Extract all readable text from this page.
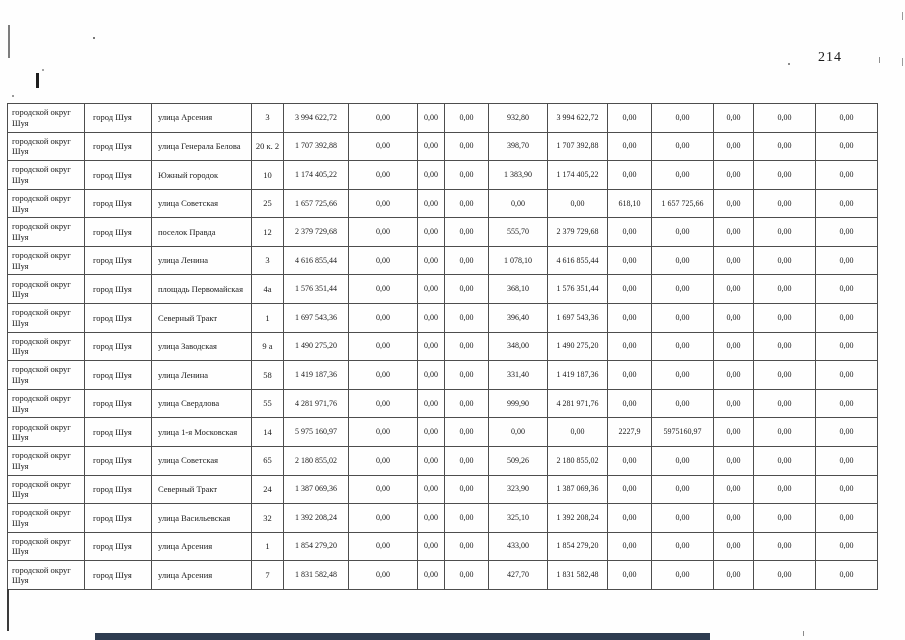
214
городской округ Шуя	город Шуя	улица Арсения	3	3 994 622,72	0,00	0,00	0,00	932,80	3 994 622,72	0,00	0,00	0,00	0,00	0,00
городской округ Шуя	город Шуя	улица Генерала Белова	20 к. 2	1 707 392,88	0,00	0,00	0,00	398,70	1 707 392,88	0,00	0,00	0,00	0,00	0,00
городской округ Шуя	город Шуя	Южный городок	10	1 174 405,22	0,00	0,00	0,00	1 383,90	1 174 405,22	0,00	0,00	0,00	0,00	0,00
городской округ Шуя	город Шуя	улица Советская	25	1 657 725,66	0,00	0,00	0,00	0,00	0,00	618,10	1 657 725,66	0,00	0,00	0,00
городской округ Шуя	город Шуя	поселок Правда	12	2 379 729,68	0,00	0,00	0,00	555,70	2 379 729,68	0,00	0,00	0,00	0,00	0,00
городской округ Шуя	город Шуя	улица Ленина	3	4 616 855,44	0,00	0,00	0,00	1 078,10	4 616 855,44	0,00	0,00	0,00	0,00	0,00
городской округ Шуя	город Шуя	площадь Первомайская	4а	1 576 351,44	0,00	0,00	0,00	368,10	1 576 351,44	0,00	0,00	0,00	0,00	0,00
городской округ Шуя	город Шуя	Северный Тракт	1	1 697 543,36	0,00	0,00	0,00	396,40	1 697 543,36	0,00	0,00	0,00	0,00	0,00
городской округ Шуя	город Шуя	улица Заводская	9 а	1 490 275,20	0,00	0,00	0,00	348,00	1 490 275,20	0,00	0,00	0,00	0,00	0,00
городской округ Шуя	город Шуя	улица Ленина	58	1 419 187,36	0,00	0,00	0,00	331,40	1 419 187,36	0,00	0,00	0,00	0,00	0,00
городской округ Шуя	город Шуя	улица Свердлова	55	4 281 971,76	0,00	0,00	0,00	999,90	4 281 971,76	0,00	0,00	0,00	0,00	0,00
городской округ Шуя	город Шуя	улица 1-я Московская	14	5 975 160,97	0,00	0,00	0,00	0,00	0,00	2227,9	5975160,97	0,00	0,00	0,00
городской округ Шуя	город Шуя	улица Советская	65	2 180 855,02	0,00	0,00	0,00	509,26	2 180 855,02	0,00	0,00	0,00	0,00	0,00
городской округ Шуя	город Шуя	Северный Тракт	24	1 387 069,36	0,00	0,00	0,00	323,90	1 387 069,36	0,00	0,00	0,00	0,00	0,00
городской округ Шуя	город Шуя	улица Васильевская	32	1 392 208,24	0,00	0,00	0,00	325,10	1 392 208,24	0,00	0,00	0,00	0,00	0,00
городской округ Шуя	город Шуя	улица Арсения	1	1 854 279,20	0,00	0,00	0,00	433,00	1 854 279,20	0,00	0,00	0,00	0,00	0,00
городской округ Шуя	город Шуя	улица Арсения	7	1 831 582,48	0,00	0,00	0,00	427,70	1 831 582,48	0,00	0,00	0,00	0,00	0,00
